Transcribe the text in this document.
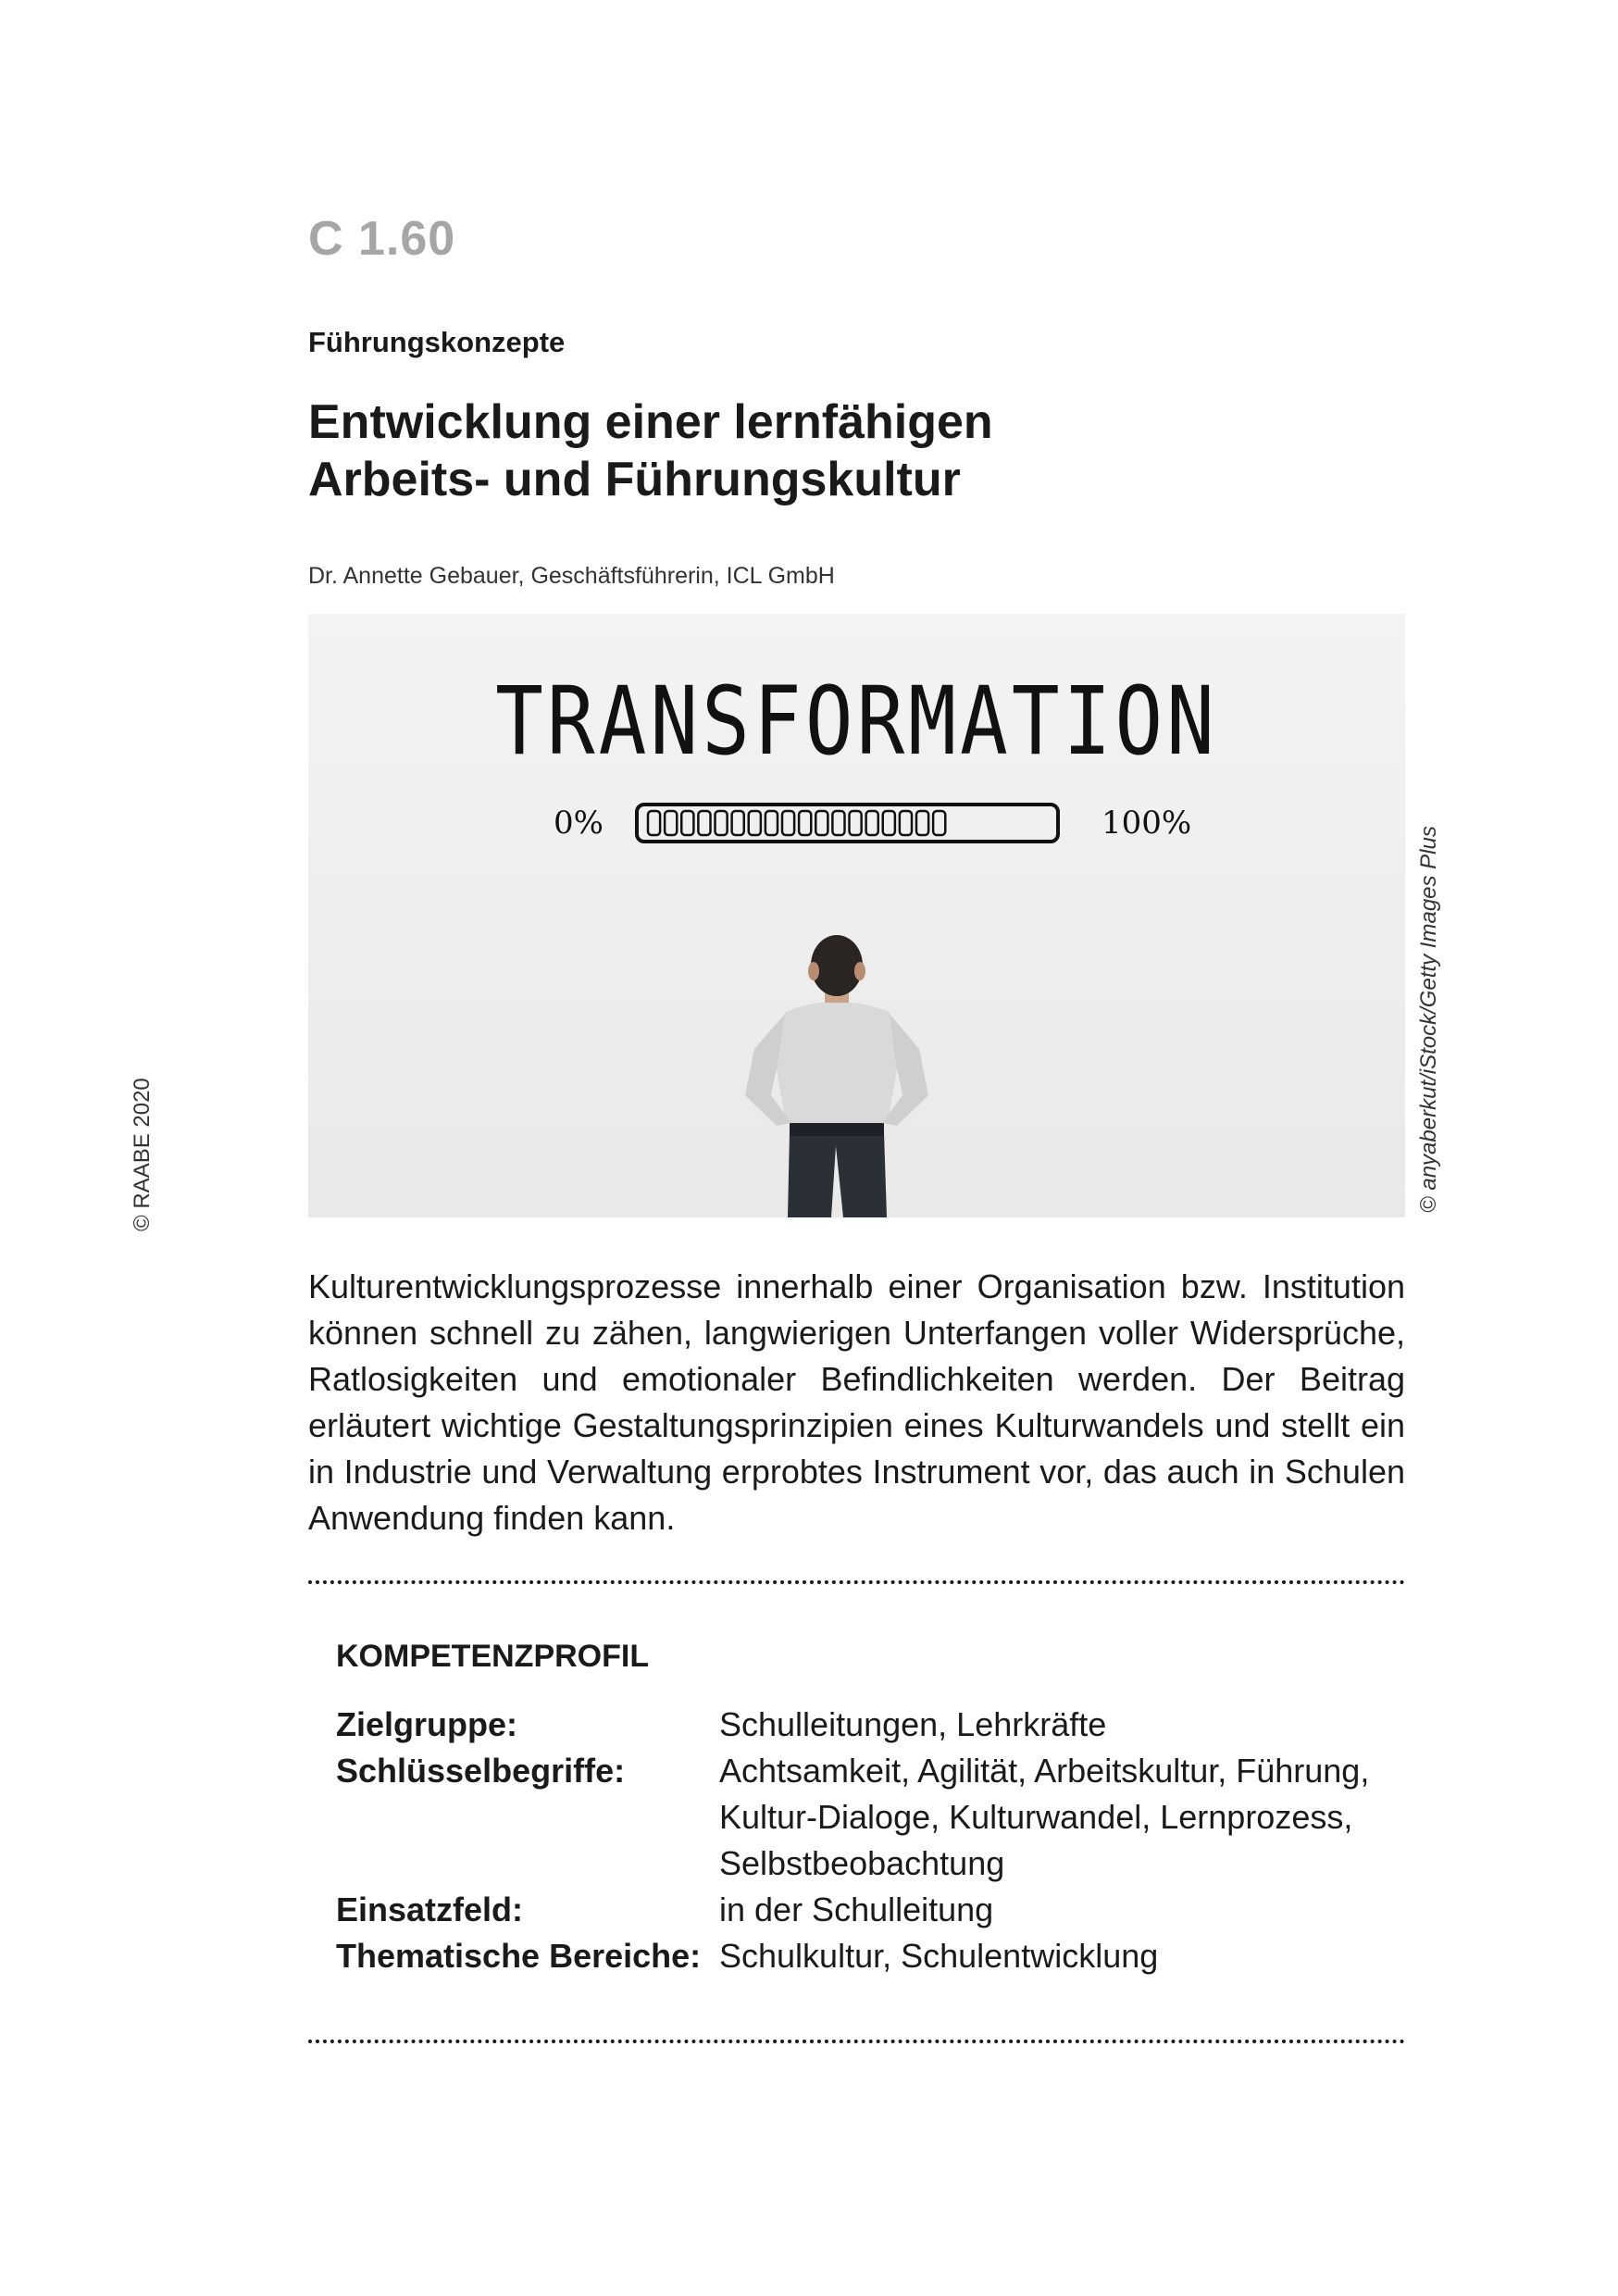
C 1.60
Führungskonzepte
Entwicklung einer lernfähigen
Arbeits- und Führungskultur
Dr. Annette Gebauer, Geschäftsführerin, ICL GmbH
TRANSFORMATION
0%	100%
© anyaberkut/iStock/Getty Images Plus
© RAABE 2020
Kulturentwicklungsprozesse innerhalb einer Organisation bzw. Institution können schnell zu zähen, langwierigen Unterfangen voller Widersprüche, Ratlosigkeiten und emotionaler Befindlichkeiten werden. Der Beitrag erläutert wichtige Gestaltungsprinzipien eines Kulturwandels und stellt ein in Industrie und Verwaltung erprobtes Instrument vor, das auch in Schulen Anwendung finden kann.
KOMPETENZPROFIL
Zielgruppe:	Schulleitungen, Lehrkräfte
Schlüsselbegriffe:	Achtsamkeit, Agilität, Arbeitskultur, Führung, Kultur-Dialoge, Kulturwandel, Lernprozess, Selbstbeobachtung
Einsatzfeld:	in der Schulleitung
Thematische Bereiche: Schulkultur, Schulentwicklung
